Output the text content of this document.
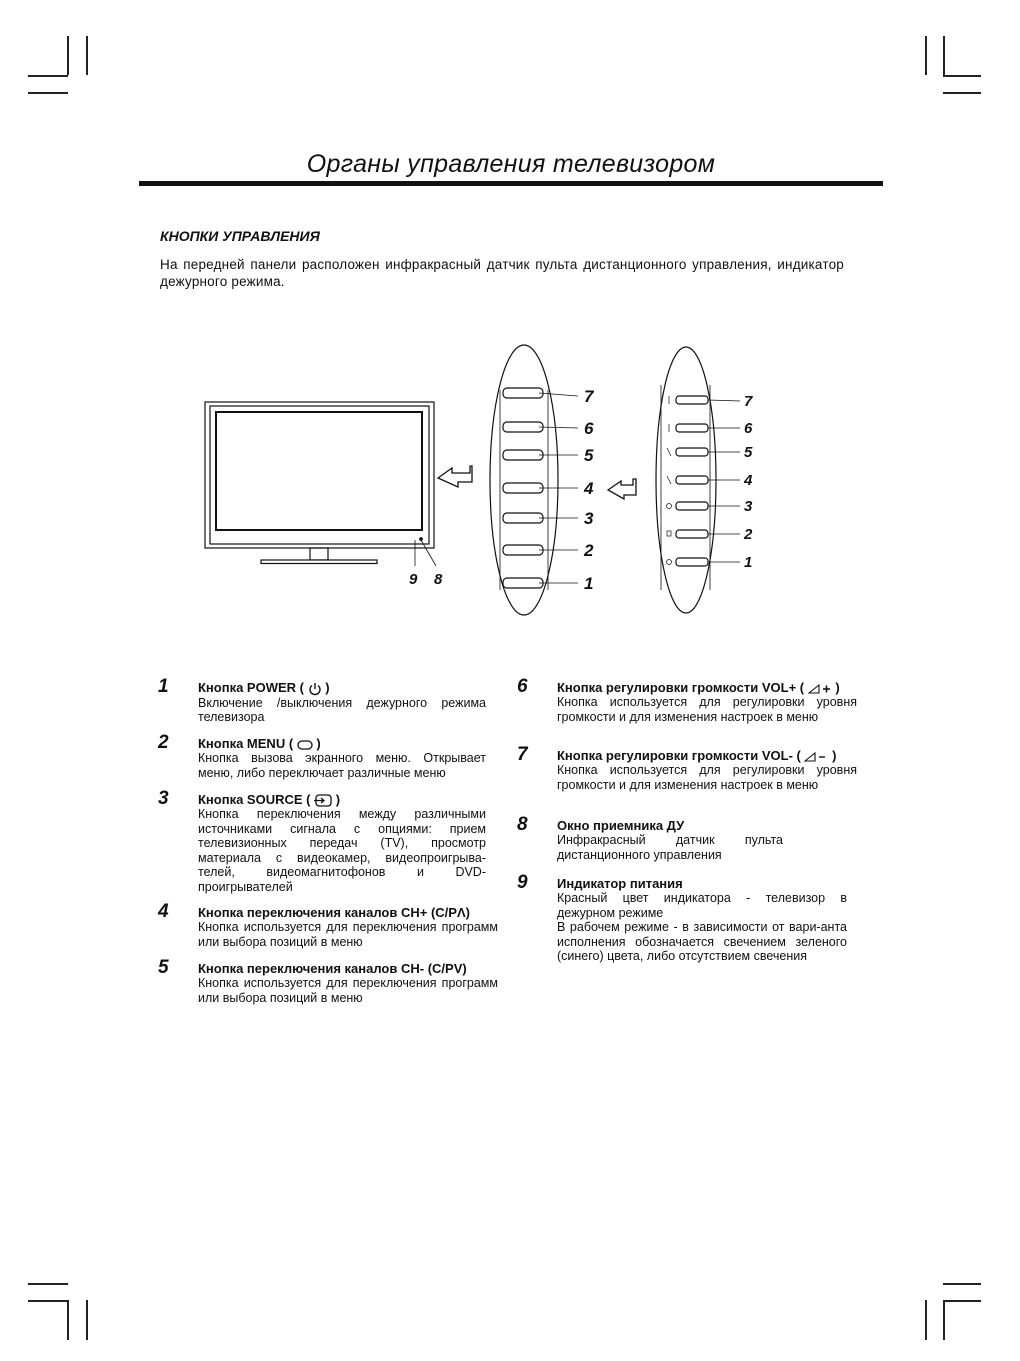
Органы управления телевизором
КНОПКИ УПРАВЛЕНИЯ
На передней панели расположен инфракрасный датчик пульта дистанционного управления, индикатор дежурного режима.
9 8
7
6
5
4
3
2
1
7
6
5
4
3
2
1
1 Кнопка POWER ( )

Включение /выключения дежурного режима телевизора

2 Кнопка MENU ( )

Кнопка вызова экранного меню. Открывает меню, либо переключает различные меню

3 Кнопка SOURCE ( )

Кнопка переключения между различными источниками сигнала с опциями: прием телевизионных передач (TV), просмотр материала с видеокамер, видеопроигрыва-телей, видеомагнитофонов и DVD-проигрывателей

4 Кнопка переключения каналов CH+ (C/PΛ)

Кнопка используется для переключения программ или выбора позиций в меню

5 Кнопка переключения каналов CH- (C/PV)

Кнопка используется для переключения программ или выбора позиций в меню

6 Кнопка регулировки громкости VOL+ ( )

Кнопка используется для регулировки уровня громкости и для изменения настроек в меню

7 Кнопка регулировки громкости VOL- ( )

Кнопка используется для регулировки уровня громкости и для изменения настроек в меню

8 Окно приемника ДУ

Инфракрасный датчик пульта дистанционного управления

9 Индикатор питания

Красный цвет индикатора - телевизор в дежурном режиме

В рабочем режиме - в зависимости от вари-анта исполнения обозначается свечением зеленого (синего) цвета, либо отсутствием свечения
